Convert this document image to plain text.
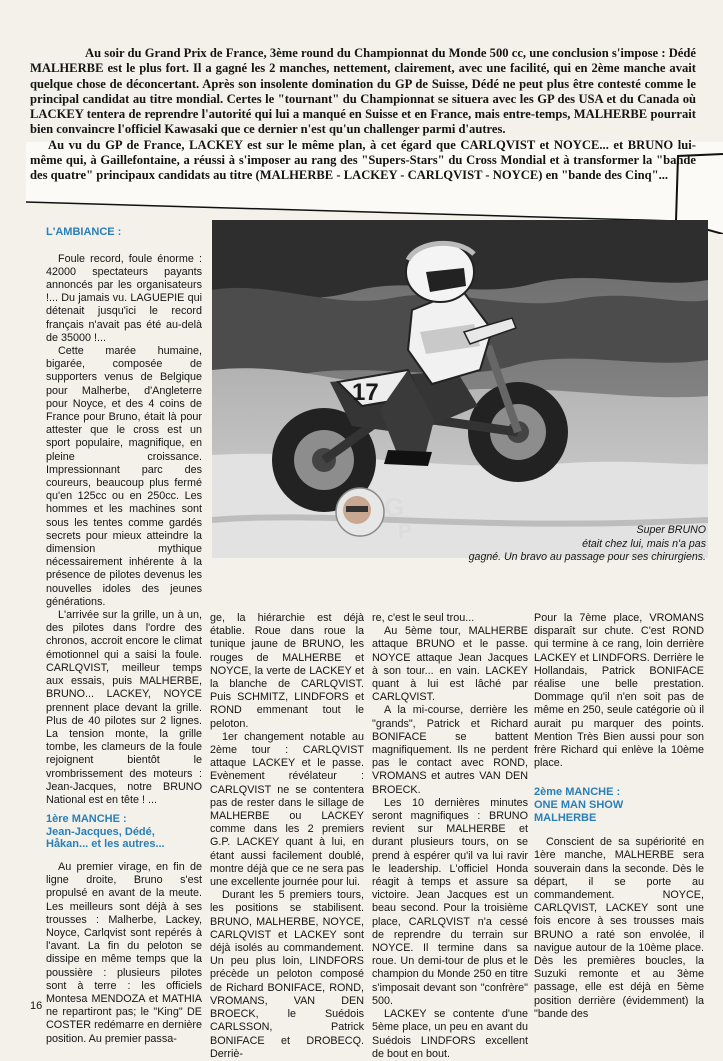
Au soir du Grand Prix de France, 3ème round du Championnat du Monde 500 cc, une conclusion s'impose : Dédé MALHERBE est le plus fort. Il a gagné les 2 manches, nettement, clairement, avec une facilité, qui en 2ème manche avait quelque chose de déconcertant. Après son insolente domination du GP de Suisse, Dédé ne peut plus être contesté comme le principal candidat au titre mondial. Certes le "tournant" du Championnat se situera avec les GP des USA et du Canada où LACKEY tentera de reprendre l'autorité qui lui a manqué en Suisse et en France, mais entre-temps, MALHERBE pourrait bien convaincre l'officiel Kawasaki que ce dernier n'est qu'un challenger parmi d'autres.

Au vu du GP de France, LACKEY est sur le même plan, à cet égard que CARLQVIST et NOYCE... et BRUNO lui-même qui, à Gaillefontaine, a réussi à s'imposer au rang des "Supers-Stars" du Cross Mondial et à transformer la "bande des quatre" principaux candidats au titre (MALHERBE - LACKEY - CARLQVIST - NOYCE) en "bande des Cinq"...

17
G
P	Super BRUNO
était chez lui, mais n'a pas
gagné. Un bravo au passage pour ses chirurgiens.

L'AMBIANCE :

Foule record, foule énorme : 42000 spectateurs payants annoncés par les organisateurs !... Du jamais vu. LAGUEPIE qui détenait jusqu'ici le record français n'avait pas été au-delà de 35000 !...

Cette marée humaine, bigarée, composée de supporters venus de Belgique pour Malherbe, d'Angleterre pour Noyce, et des 4 coins de France pour Bruno, était là pour attester que le cross est un sport populaire, magnifique, en pleine croissance. Impressionnant parc des coureurs, beaucoup plus fermé qu'en 125cc ou en 250cc. Les hommes et les machines sont sous les tentes comme gardés secrets pour mieux atteindre la dimension mythique nécessairement inhérente à la présence de pilotes devenus les nouvelles idoles des jeunes générations.

L'arrivée sur la grille, un à un, des pilotes dans l'ordre des chronos, accroit encore le climat émotionnel qui a saisi la foule. CARLQVIST, meilleur temps aux essais, puis MALHERBE, BRUNO... LACKEY, NOYCE prennent place devant la grille. Plus de 40 pilotes sur 2 lignes. La tension monte, la grille tombe, les clameurs de la foule rejoignent bientôt le vrombrissement des moteurs : Jean-Jacques, notre BRUNO National est en tête ! ...

1ère MANCHE :
Jean-Jacques, Dédé,
Håkan... et les autres...

Au premier virage, en fin de ligne droite, Bruno s'est propulsé en avant de la meute. Les meilleurs sont déjà à ses trousses : Malherbe, Lackey, Noyce, Carlqvist sont repérés à l'avant. La fin du peloton se dissipe en même temps que la poussière : plusieurs pilotes sont à terre : les officiels Montesa MENDOZA et MATHIA ne repartiront pas; le "King" DE COSTER redémarre en dernière position. Au premier passa-

ge, la hiérarchie est déjà établie. Roue dans roue la tunique jaune de BRUNO, les rouges de MALHERBE et NOYCE, la verte de LACKEY et la blanche de CARLQVIST. Puis SCHMITZ, LINDFORS et ROND emmenant tout le peloton.

1er changement notable au 2ème tour : CARLQVIST attaque LACKEY et le passe. Evènement révélateur : CARLQVIST ne se contentera pas de rester dans le sillage de MALHERBE ou LACKEY comme dans les 2 premiers G.P. LACKEY quant à lui, en étant aussi facilement doublé, montre déjà que ce ne sera pas une excellente journée pour lui.

Durant les 5 premiers tours, les positions se stabilisent. BRUNO, MALHERBE, NOYCE, CARLQVIST et LACKEY sont déjà isolés au commandement. Un peu plus loin, LINDFORS précède un peloton composé de Richard BONIFACE, ROND, VROMANS, VAN DEN BROECK, le Suédois CARLSSON, Patrick BONIFACE et DROBECQ. Derriè-

re, c'est le seul trou...

Au 5ème tour, MALHERBE attaque BRUNO et le passe. NOYCE attaque Jean Jacques à son tour... en vain. LACKEY quant à lui est lâché par CARLQVIST.

A la mi-course, derrière les "grands", Patrick et Richard BONIFACE se battent magnifiquement. Ils ne perdent pas le contact avec ROND, VROMANS et autres VAN DEN BROECK.

Les 10 dernières minutes seront magnifiques : BRUNO revient sur MALHERBE et durant plusieurs tours, on se prend à espérer qu'il va lui ravir le leadership. L'officiel Honda réagit à temps et assure sa victoire. Jean Jacques est un beau second. Pour la troisième place, CARLQVIST n'a cessé de reprendre du terrain sur NOYCE. Il termine dans sa roue. Un demi-tour de plus et le champion du Monde 250 en titre s'imposait devant son "confrère" 500.

LACKEY se contente d'une 5ème place, un peu en avant du Suédois LINDFORS excellent de bout en bout.

Pour la 7ème place, VROMANS disparaît sur chute. C'est ROND qui termine à ce rang, loin derrière LACKEY et LINDFORS. Derrière le Hollandais, Patrick BONIFACE réalise une belle prestation. Dommage qu'il n'en soit pas de même en 250, seule catégorie où il aurait pu marquer des points. Mention Très Bien aussi pour son frère Richard qui enlève la 10ème place.

2ème MANCHE :
ONE MAN SHOW
MALHERBE

Conscient de sa supériorité en 1ère manche, MALHERBE sera souverain dans la seconde. Dès le départ, il se porte au commandement. NOYCE, CARLQVIST, LACKEY sont une fois encore à ses trousses mais BRUNO a raté son envolée, il navigue autour de la 10ème place. Dès les premières boucles, la Suzuki remonte et au 3ème passage, elle est déjà en 5ème position derrière (évidemment) la "bande des

16
